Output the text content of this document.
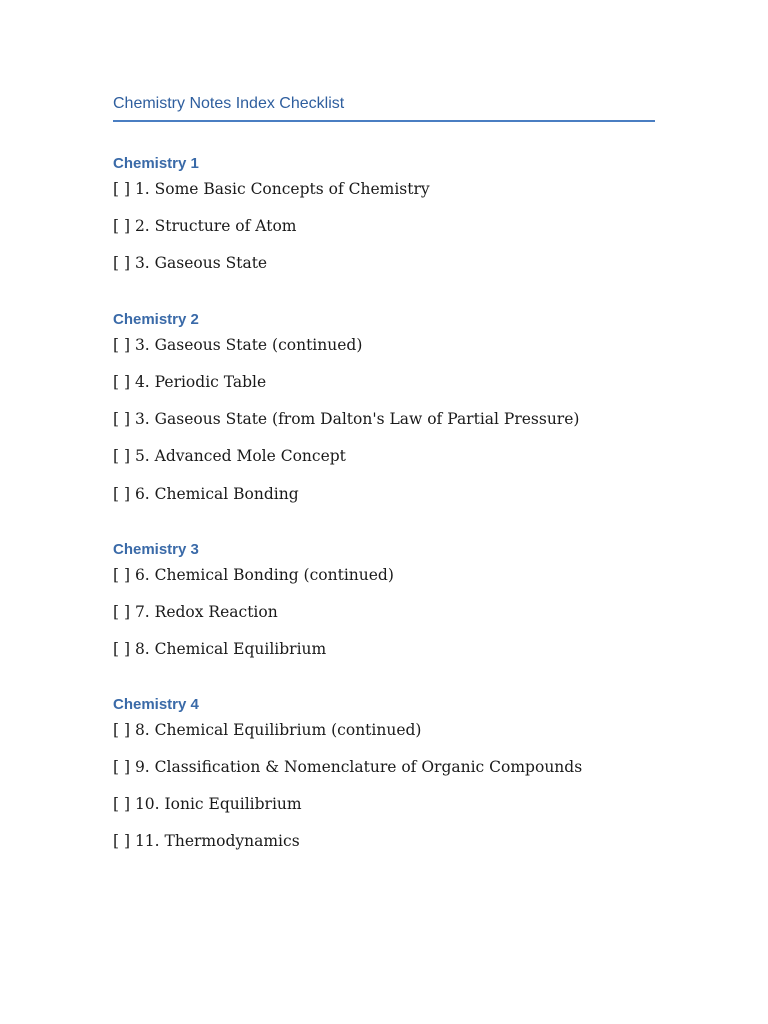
Chemistry Notes Index Checklist
Chemistry 1
[ ] 1. Some Basic Concepts of Chemistry
[ ] 2. Structure of Atom
[ ] 3. Gaseous State
Chemistry 2
[ ] 3. Gaseous State (continued)
[ ] 4. Periodic Table
[ ] 3. Gaseous State (from Dalton's Law of Partial Pressure)
[ ] 5. Advanced Mole Concept
[ ] 6. Chemical Bonding
Chemistry 3
[ ] 6. Chemical Bonding (continued)
[ ] 7. Redox Reaction
[ ] 8. Chemical Equilibrium
Chemistry 4
[ ] 8. Chemical Equilibrium (continued)
[ ] 9. Classification & Nomenclature of Organic Compounds
[ ] 10. Ionic Equilibrium
[ ] 11. Thermodynamics
